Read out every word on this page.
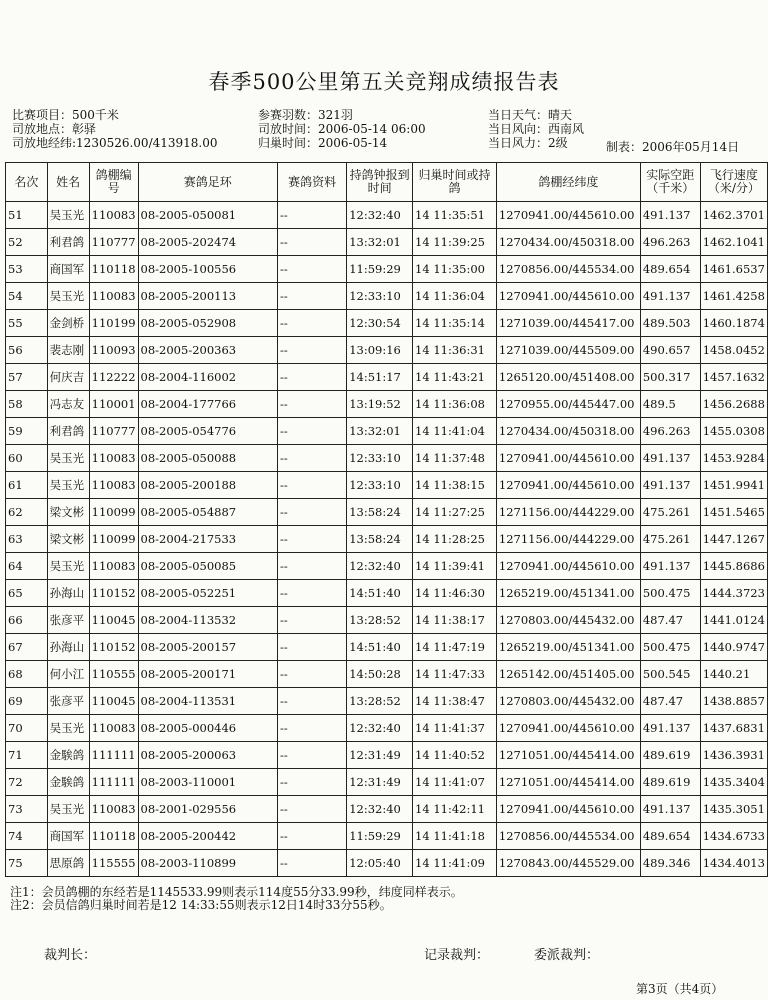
春季500公里第五关竞翔成绩报告表
比赛项目：500千米
司放地点：彰驿
司放地经纬:1230526.00/413918.00
参赛羽数：321羽
司放时间：2006-05-14 06:00
归巢时间：2006-05-14
当日天气：晴天
当日风向：西南风
当日风力：2级	制表：2006年05月14日
名次	姓名	鸽棚编号	赛鸽足环	赛鸽资料	持鸽钟报到时间	归巢时间或持鸽	鸽棚经纬度	实际空距（千米）	飞行速度（米/分）
51	吴玉光	110083	08-2005-050081	--	12:32:40	14 11:35:51	1270941.00/445610.00	491.137	1462.3701
52	利君鸽	110777	08-2005-202474	--	13:32:01	14 11:39:25	1270434.00/450318.00	496.263	1462.1041
53	商国军	110118	08-2005-100556	--	11:59:29	14 11:35:00	1270856.00/445534.00	489.654	1461.6537
54	吴玉光	110083	08-2005-200113	--	12:33:10	14 11:36:04	1270941.00/445610.00	491.137	1461.4258
55	金剑桥	110199	08-2005-052908	--	12:30:54	14 11:35:14	1271039.00/445417.00	489.503	1460.1874
56	裴志刚	110093	08-2005-200363	--	13:09:16	14 11:36:31	1271039.00/445509.00	490.657	1458.0452
57	何庆吉	112222	08-2004-116002	--	14:51:17	14 11:43:21	1265120.00/451408.00	500.317	1457.1632
58	冯志友	110001	08-2004-177766	--	13:19:52	14 11:36:08	1270955.00/445447.00	489.5	1456.2688
59	利君鸽	110777	08-2005-054776	--	13:32:01	14 11:41:04	1270434.00/450318.00	496.263	1455.0308
60	吴玉光	110083	08-2005-050088	--	12:33:10	14 11:37:48	1270941.00/445610.00	491.137	1453.9284
61	吴玉光	110083	08-2005-200188	--	12:33:10	14 11:38:15	1270941.00/445610.00	491.137	1451.9941
62	梁文彬	110099	08-2005-054887	--	13:58:24	14 11:27:25	1271156.00/444229.00	475.261	1451.5465
63	梁文彬	110099	08-2004-217533	--	13:58:24	14 11:28:25	1271156.00/444229.00	475.261	1447.1267
64	吴玉光	110083	08-2005-050085	--	12:32:40	14 11:39:41	1270941.00/445610.00	491.137	1445.8686
65	孙海山	110152	08-2005-052251	--	14:51:40	14 11:46:30	1265219.00/451341.00	500.475	1444.3723
66	张彦平	110045	08-2004-113532	--	13:28:52	14 11:38:17	1270803.00/445432.00	487.47	1441.0124
67	孙海山	110152	08-2005-200157	--	14:51:40	14 11:47:19	1265219.00/451341.00	500.475	1440.9747
68	何小江	110555	08-2005-200171	--	14:50:28	14 11:47:33	1265142.00/451405.00	500.545	1440.21
69	张彦平	110045	08-2004-113531	--	13:28:52	14 11:38:47	1270803.00/445432.00	487.47	1438.8857
70	吴玉光	110083	08-2005-000446	--	12:32:40	14 11:41:37	1270941.00/445610.00	491.137	1437.6831
71	金騃鸽	111111	08-2005-200063	--	12:31:49	14 11:40:52	1271051.00/445414.00	489.619	1436.3931
72	金騃鸽	111111	08-2003-110001	--	12:31:49	14 11:41:07	1271051.00/445414.00	489.619	1435.3404
73	吴玉光	110083	08-2001-029556	--	12:32:40	14 11:42:11	1270941.00/445610.00	491.137	1435.3051
74	商国军	110118	08-2005-200442	--	11:59:29	14 11:41:18	1270856.00/445534.00	489.654	1434.6733
75	思原鸽	115555	08-2003-110899	--	12:05:40	14 11:41:09	1270843.00/445529.00	489.346	1434.4013
注1：会员鸽棚的东经若是1145533.99则表示114度55分33.99秒，纬度同样表示。
注2：会员信鸽归巢时间若是12 14:33:55则表示12日14时33分55秒。
裁判长：	记录裁判：	委派裁判：
第3页（共4页）
